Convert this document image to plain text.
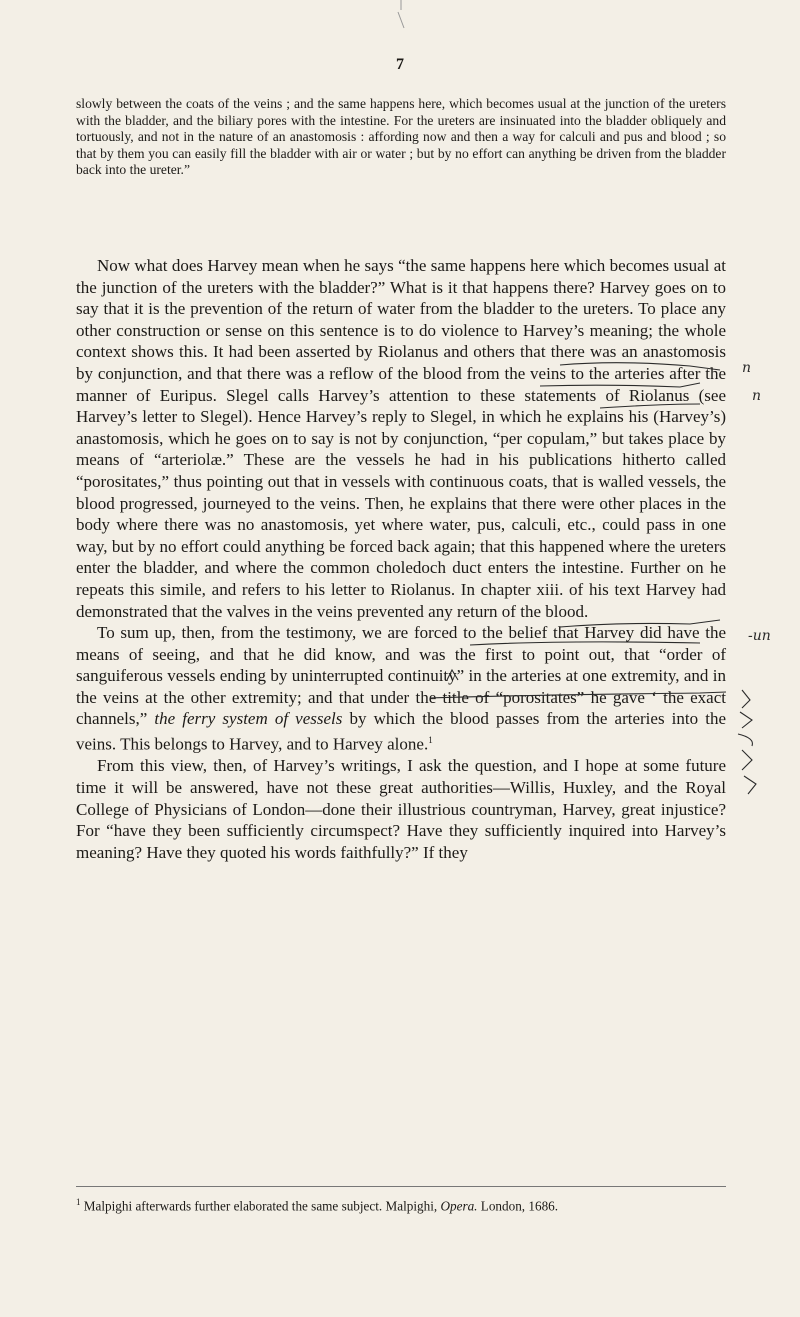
7
slowly between the coats of the veins ; and the same happens here, which becomes usual at the junction of the ureters with the bladder, and the biliary pores with the intestine. For the ureters are insinuated into the bladder obliquely and tortuously, and not in the nature of an anastomosis : affording now and then a way for calculi and pus and blood ; so that by them you can easily fill the bladder with air or water ; but by no effort can anything be driven from the bladder back into the ureter.”

Now what does Harvey mean when he says “the same happens here which becomes usual at the junction of the ureters with the bladder?” What is it that happens there? Harvey goes on to say that it is the prevention of the return of water from the bladder to the ureters. To place any other construction or sense on this sentence is to do violence to Harvey’s meaning; the whole context shows this. It had been asserted by Riolanus and others that there was an anastomosis by conjunction, and that there was a reflow of the blood from the veins to the arteries after the manner of Euripus. Slegel calls Harvey’s attention to these statements of Riolanus (see Harvey’s letter to Slegel). Hence Harvey’s reply to Slegel, in which he explains his (Harvey’s) anastomosis, which he goes on to say is not by conjunction, “per copulam,” but takes place by means of “arteriolæ.” These are the vessels he had in his publications hitherto called “porositates,” thus pointing out that in vessels with continuous coats, that is walled vessels, the blood progressed, journeyed to the veins. Then, he explains that there were other places in the body where there was no anastomosis, yet where water, pus, calculi, etc., could pass in one way, but by no effort could anything be forced back again; that this happened where the ureters enter the bladder, and where the common choledoch duct enters the intestine. Further on he repeats this simile, and refers to his letter to Riolanus. In chapter xiii. of his text Harvey had demonstrated that the valves in the veins prevented any return of the blood.

To sum up, then, from the testimony, we are forced to the belief that Harvey did have the means of seeing, and that he did know, and was the first to point out, that “order of sanguiferous vessels ending by uninterrupted continuity” in the arteries at one extremity, and in the veins at the other extremity; and that under the title of “porositates” he gave ‘ the exact channels,” the ferry system of vessels by which the blood passes from the arteries into the veins. This belongs to Harvey, and to Harvey alone.$^1$

From this view, then, of Harvey’s writings, I ask the question, and I hope at some future time it will be answered, have not these great authorities—Willis, Huxley, and the Royal College of Physicians of London—done their illustrious countryman, Harvey, great injustice? For “have they been sufficiently circumspect? Have they sufficiently inquired into Harvey’s meaning? Have they quoted his words faithfully?” If they

$^1$ Malpighi afterwards further elaborated the same subject. Malpighi, Opera. London, 1686.
n
n
-un
